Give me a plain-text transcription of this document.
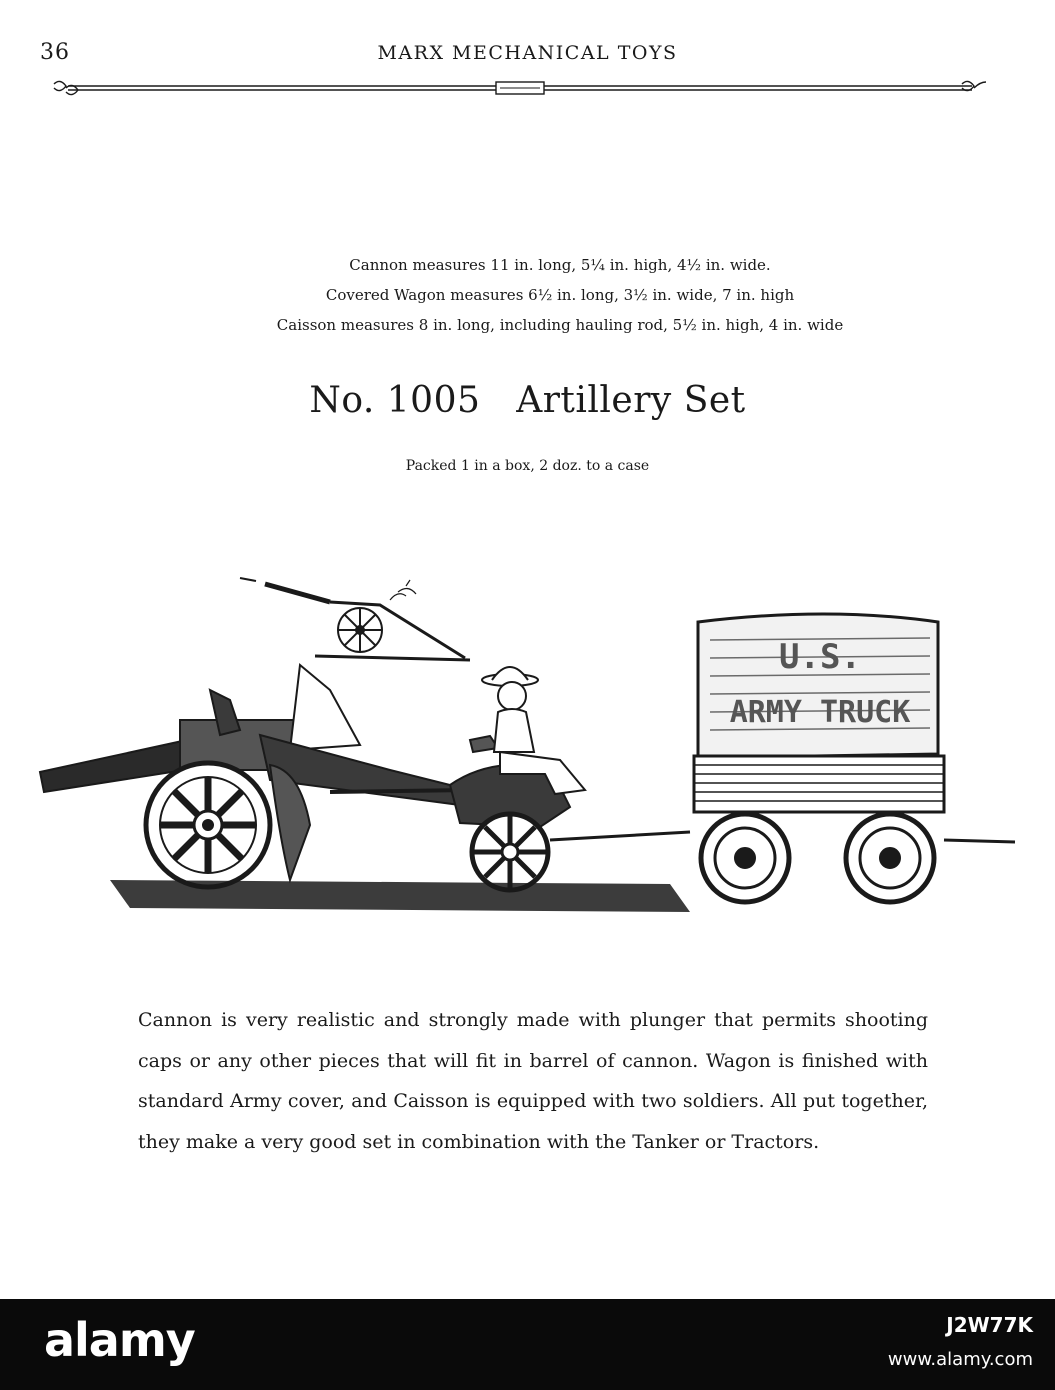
36	MARX MECHANICAL TOYS

Cannon measures 11 in. long, 5¼ in. high, 4½ in. wide.

Covered Wagon measures 6½ in. long, 3½ in. wide, 7 in. high

Caisson measures 8 in. long, including hauling rod, 5½ in. high, 4 in. wide

No. 1005   Artillery Set
Packed 1 in a box, 2 doz. to a case
U.S.
ARMY TRUCK
Cannon is very realistic and strongly made with plunger that permits shooting caps or any other pieces that will fit in barrel of cannon. Wagon is finished with standard Army cover, and Caisson is equipped with two soldiers. All put together, they make a very good set in combination with the Tanker or Tractors.
alamy	J2W77K
www.alamy.com
